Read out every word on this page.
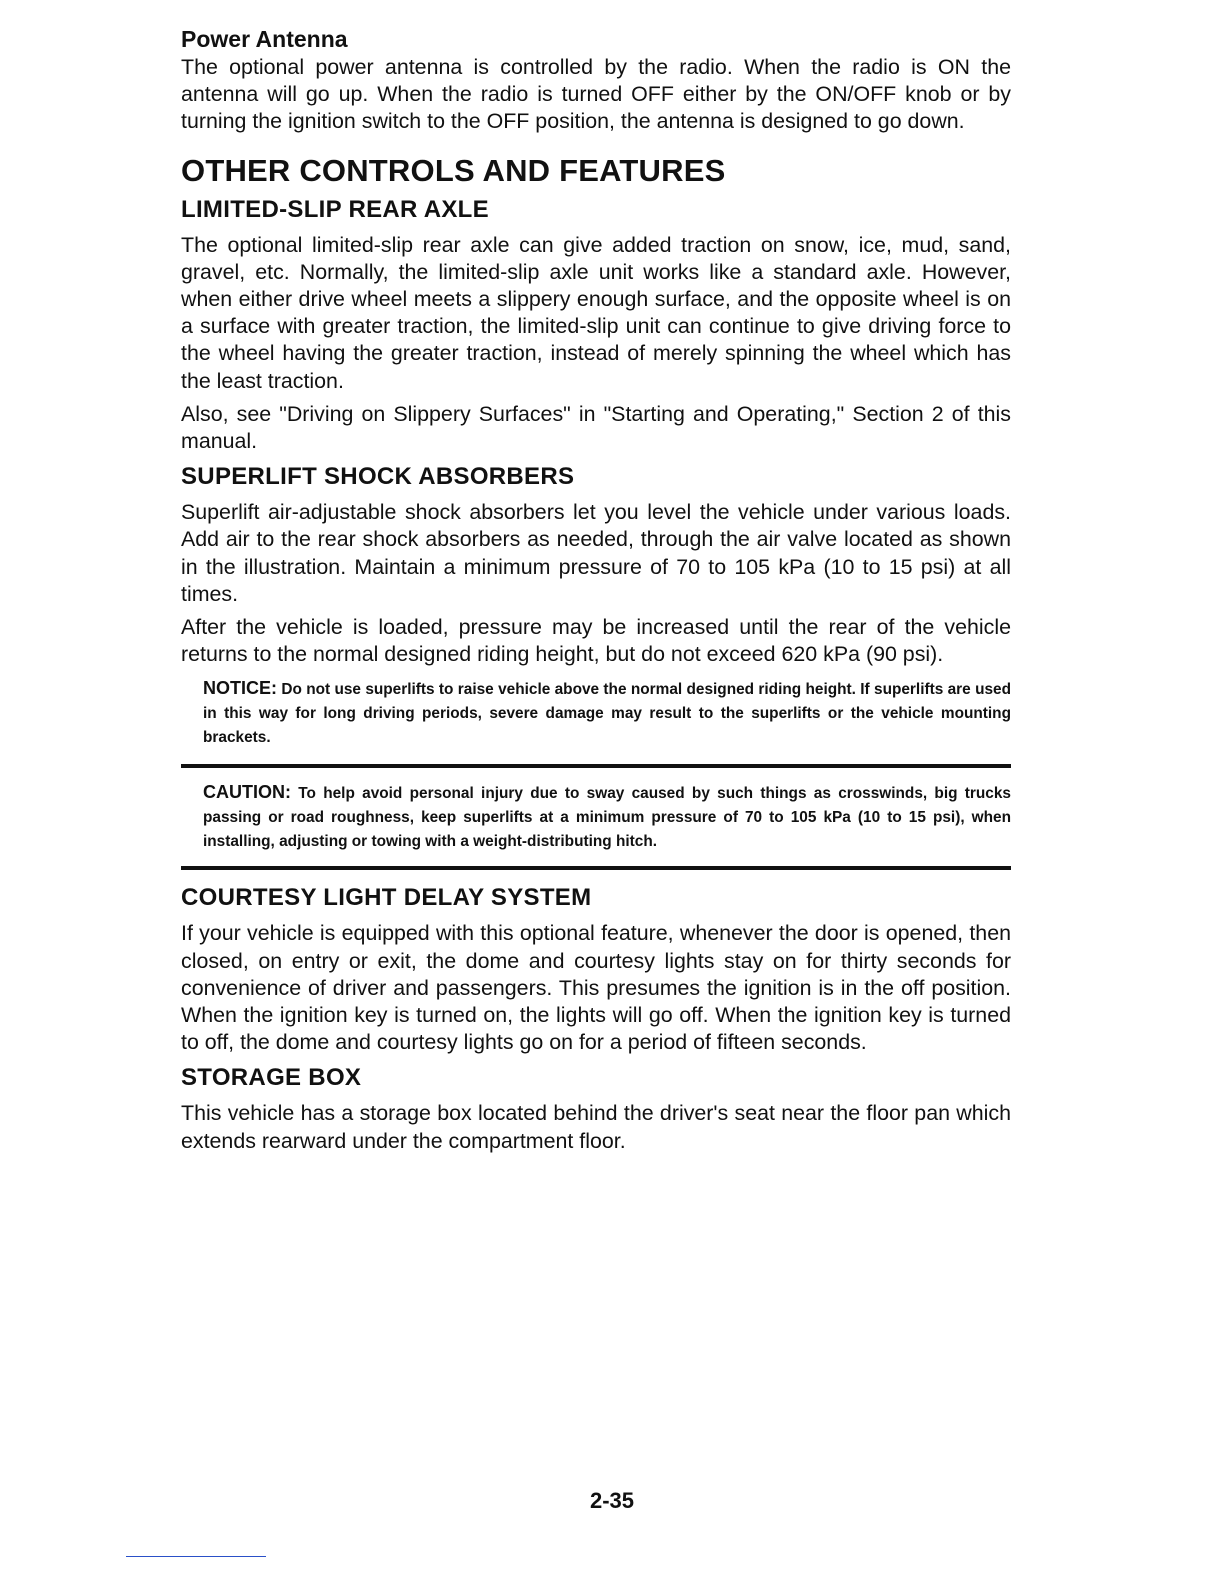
Power Antenna

The optional power antenna is controlled by the radio. When the radio is ON the antenna will go up. When the radio is turned OFF either by the ON/OFF knob or by turning the ignition switch to the OFF position, the antenna is designed to go down.

OTHER CONTROLS AND FEATURES
LIMITED-SLIP REAR AXLE

The optional limited-slip rear axle can give added traction on snow, ice, mud, sand, gravel, etc. Normally, the limited-slip axle unit works like a standard axle. However, when either drive wheel meets a slippery enough surface, and the opposite wheel is on a surface with greater traction, the limited-slip unit can continue to give driving force to the wheel having the greater traction, instead of merely spinning the wheel which has the least traction.

Also, see "Driving on Slippery Surfaces" in "Starting and Operating," Section 2 of this manual.

SUPERLIFT SHOCK ABSORBERS

Superlift air-adjustable shock absorbers let you level the vehicle under various loads. Add air to the rear shock absorbers as needed, through the air valve located as shown in the illustration. Maintain a minimum pressure of 70 to 105 kPa (10 to 15 psi) at all times.

After the vehicle is loaded, pressure may be increased until the rear of the vehicle returns to the normal designed riding height, but do not exceed 620 kPa (90 psi).

NOTICE: Do not use superlifts to raise vehicle above the normal designed riding height. If superlifts are used in this way for long driving periods, severe damage may result to the superlifts or the vehicle mounting brackets.
CAUTION: To help avoid personal injury due to sway caused by such things as crosswinds, big trucks passing or road roughness, keep superlifts at a minimum pressure of 70 to 105 kPa (10 to 15 psi), when installing, adjusting or towing with a weight-distributing hitch.
COURTESY LIGHT DELAY SYSTEM

If your vehicle is equipped with this optional feature, whenever the door is opened, then closed, on entry or exit, the dome and courtesy lights stay on for thirty seconds for convenience of driver and passengers. This presumes the ignition is in the off position. When the ignition key is turned on, the lights will go off. When the ignition key is turned to off, the dome and courtesy lights go on for a period of fifteen seconds.

STORAGE BOX

This vehicle has a storage box located behind the driver's seat near the floor pan which extends rearward under the compartment floor.

2-35
